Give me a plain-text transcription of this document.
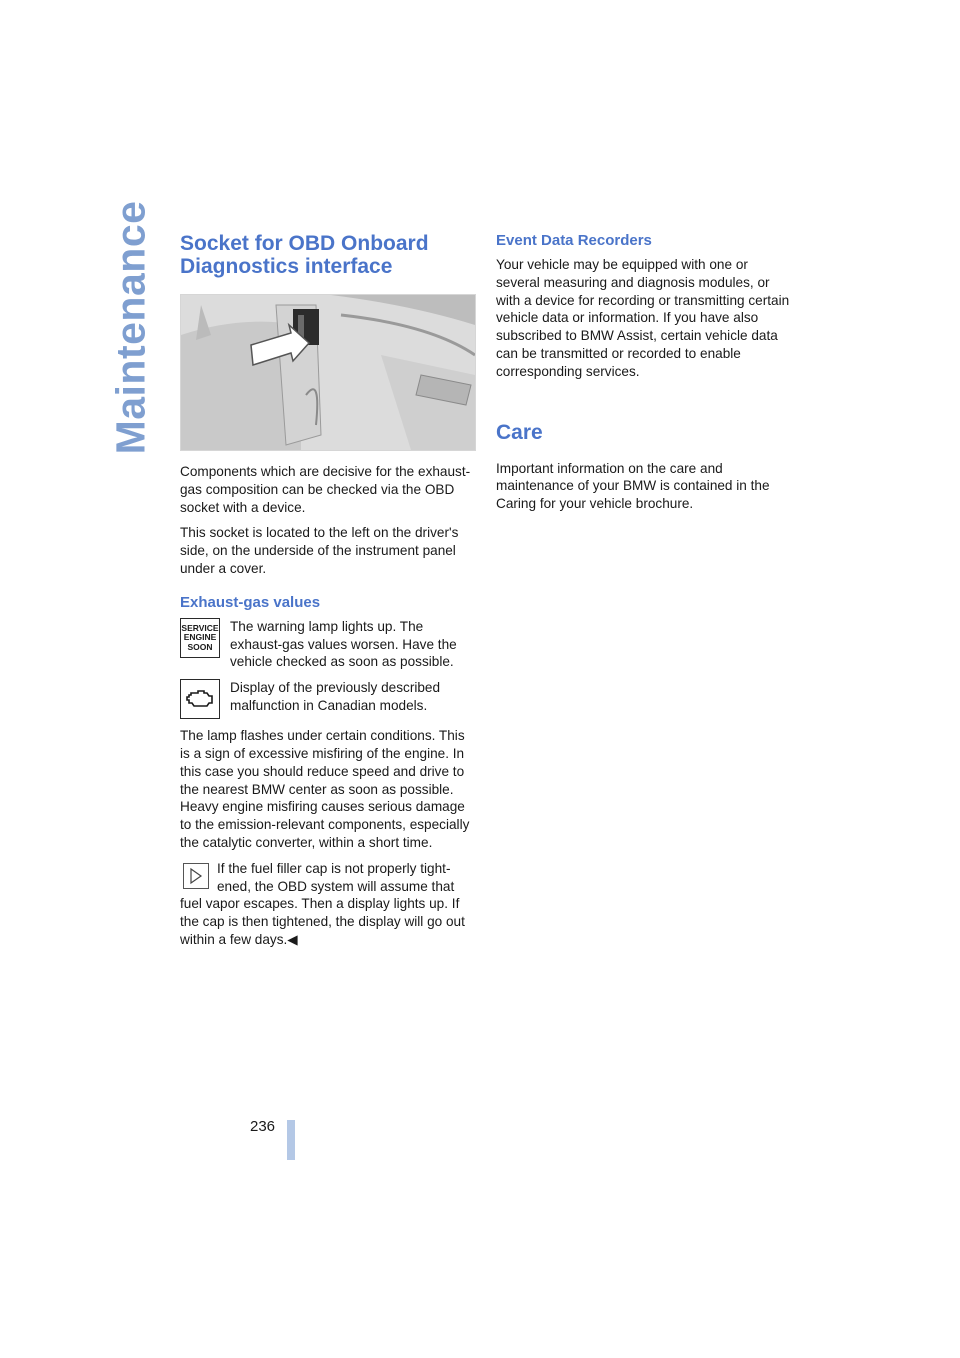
Maintenance Socket for OBD Onboard Diagnostics interface

Components which are decisive for the exhaust-gas composition can be checked via the OBD socket with a device.

This socket is located to the left on the driver's side, on the underside of the instrument panel under a cover.

Exhaust-gas values
SERVICE
ENGINE
SOON

The warning lamp lights up. The exhaust-gas values worsen. Have the vehicle checked as soon as possible.

Display of the previously described malfunction in Canadian models.

The lamp flashes under certain conditions. This is a sign of excessive misfiring of the engine. In this case you should reduce speed and drive to the nearest BMW center as soon as possible. Heavy engine misfiring causes serious damage to the emission-relevant components, especially the catalytic converter, within a short time.

If the fuel filler cap is not properly tight-
ened, the OBD system will assume that fuel vapor escapes. Then a display lights up. If the cap is then tightened, the display will go out within a few days.◀

Event Data Recorders

Your vehicle may be equipped with one or several measuring and diagnosis modules, or with a device for recording or transmitting certain vehicle data or information. If you have also subscribed to BMW Assist, certain vehicle data can be transmitted or recorded to enable corresponding services.

Care

Important information on the care and maintenance of your BMW is contained in the Caring for your vehicle brochure.

236
